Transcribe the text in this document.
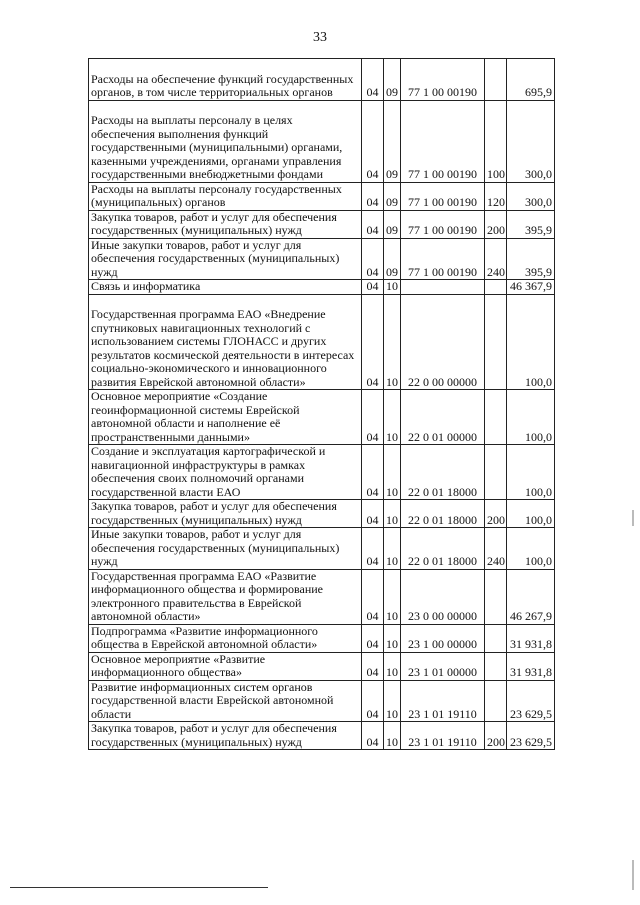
33
Расходы на обеспечение функций государственных органов, в том числе территориальных органов	04	09	77 1 00 00190		695,9
Расходы на выплаты персоналу в целях обеспечения выполнения функций государственными (муниципальными) органами, казенными учреждениями, органами управления государственными внебюджетными фондами	04	09	77 1 00 00190	100	300,0
Расходы на выплаты персоналу государственных (муниципальных) органов	04	09	77 1 00 00190	120	300,0
Закупка товаров, работ и услуг для обеспечения государственных (муниципальных) нужд	04	09	77 1 00 00190	200	395,9
Иные закупки товаров, работ и услуг для обеспечения государственных (муниципальных) нужд	04	09	77 1 00 00190	240	395,9
Связь и информатика	04	10			46 367,9
Государственная программа ЕАО «Внедрение спутниковых навигационных технологий с использованием системы ГЛОНАСС и других результатов космической деятельности в интересах социально-экономического и инновационного развития Еврейской автономной области»	04	10	22 0 00 00000		100,0
Основное мероприятие «Создание геоинформационной системы Еврейской автономной области и наполнение её пространственными данными»	04	10	22 0 01 00000		100,0
Создание и эксплуатация картографической и навигационной инфраструктуры в рамках обеспечения своих полномочий органами государственной власти ЕАО	04	10	22 0 01 18000		100,0
Закупка товаров, работ и услуг для обеспечения государственных (муниципальных) нужд	04	10	22 0 01 18000	200	100,0
Иные закупки товаров, работ и услуг для обеспечения государственных (муниципальных) нужд	04	10	22 0 01 18000	240	100,0
Государственная программа ЕАО «Развитие информационного общества и формирование электронного правительства в Еврейской автономной области»	04	10	23 0 00 00000		46 267,9
Подпрограмма «Развитие информационного общества в Еврейской автономной области»	04	10	23 1 00 00000		31 931,8
Основное мероприятие «Развитие информационного общества»	04	10	23 1 01 00000		31 931,8
Развитие информационных систем органов государственной власти Еврейской автономной области	04	10	23 1 01 19110		23 629,5
Закупка товаров, работ и услуг для обеспечения государственных (муниципальных) нужд	04	10	23 1 01 19110	200	23 629,5
